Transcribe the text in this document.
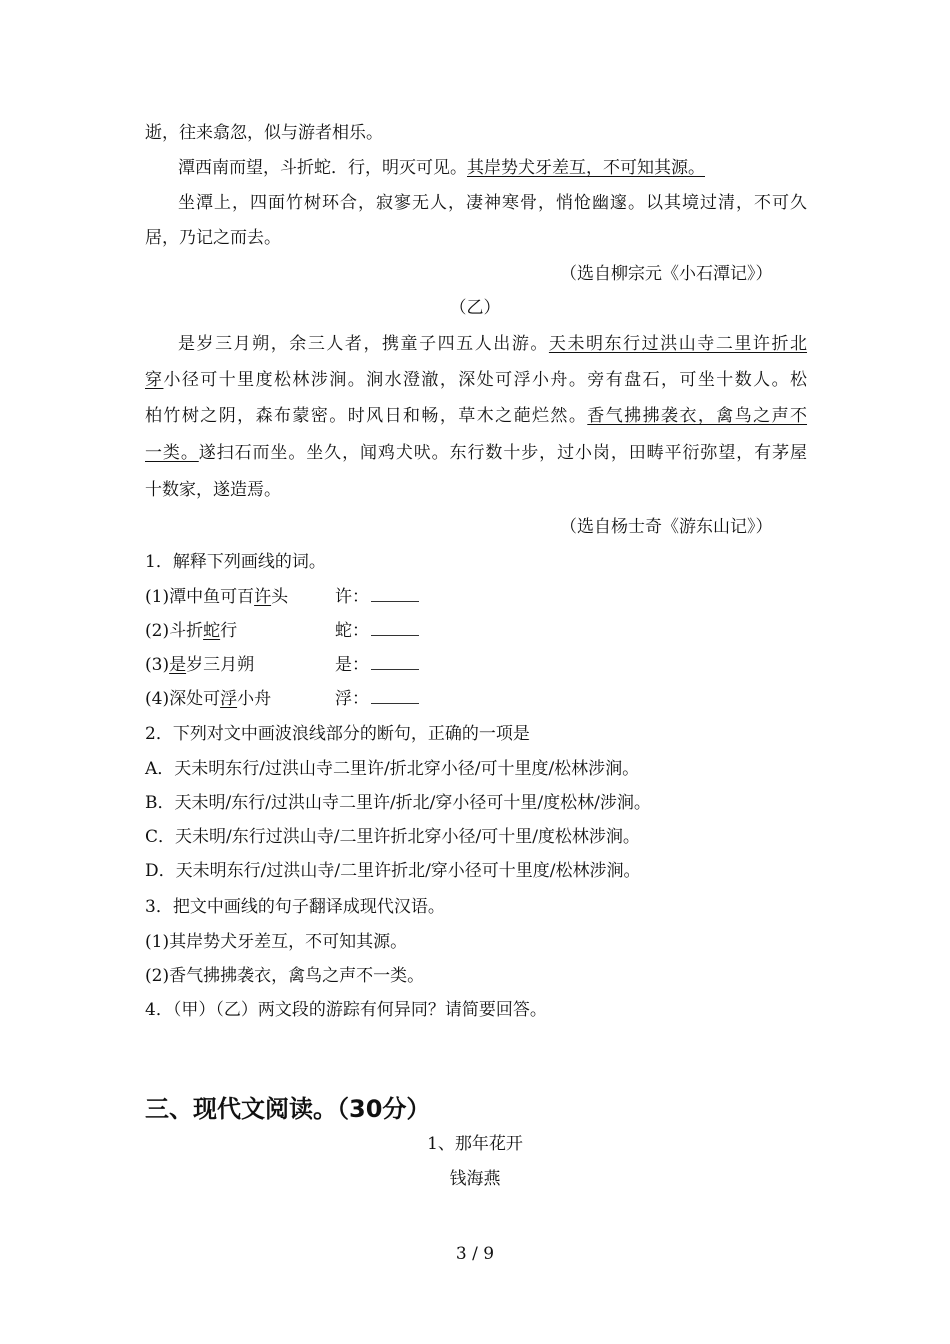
逝，往来翕忽，似与游者相乐。
潭西南而望，斗折蛇．行，明灭可见。其岸势犬牙差互，不可知其源。
坐潭上，四面竹树环合，寂寥无人，凄神寒骨，悄怆幽邃。以其境过清，不可久
居，乃记之而去。
（选自柳宗元《小石潭记》）
（乙）
是岁三月朔，余三人者，携童子四五人出游。天未明东行过洪山寺二里许折北
穿小径可十里度松林涉涧。涧水澄澈，深处可浮小舟。旁有盘石，可坐十数人。松
柏竹树之阴，森布蒙密。时风日和畅，草木之葩烂然。香气拂拂袭衣，禽鸟之声不
一类。遂扫石而坐。坐久，闻鸡犬吠。东行数十步，过小岗，田畴平衍弥望，有茅屋
十数家，遂造焉。
（选自杨士奇《游东山记》）
1．解释下列画线的词。
(1)潭中鱼可百许头	许：
(2)斗折蛇行	蛇：
(3)是岁三月朔	是：
(4)深处可浮小舟	浮：
2．下列对文中画波浪线部分的断句，正确的一项是
A．天未明东行/过洪山寺二里许/折北穿小径/可十里度/松林涉涧。
B．天未明/东行/过洪山寺二里许/折北/穿小径可十里/度松林/涉涧。
C．天未明/东行过洪山寺/二里许折北穿小径/可十里/度松林涉涧。
D．天未明东行/过洪山寺/二里许折北/穿小径可十里度/松林涉涧。
3．把文中画线的句子翻译成现代汉语。
(1)其岸势犬牙差互，不可知其源。
(2)香气拂拂袭衣，禽鸟之声不一类。
4．（甲）（乙）两文段的游踪有何异同？请简要回答。
三、现代文阅读。（30分）
1、那年花开
钱海燕
3 / 9
